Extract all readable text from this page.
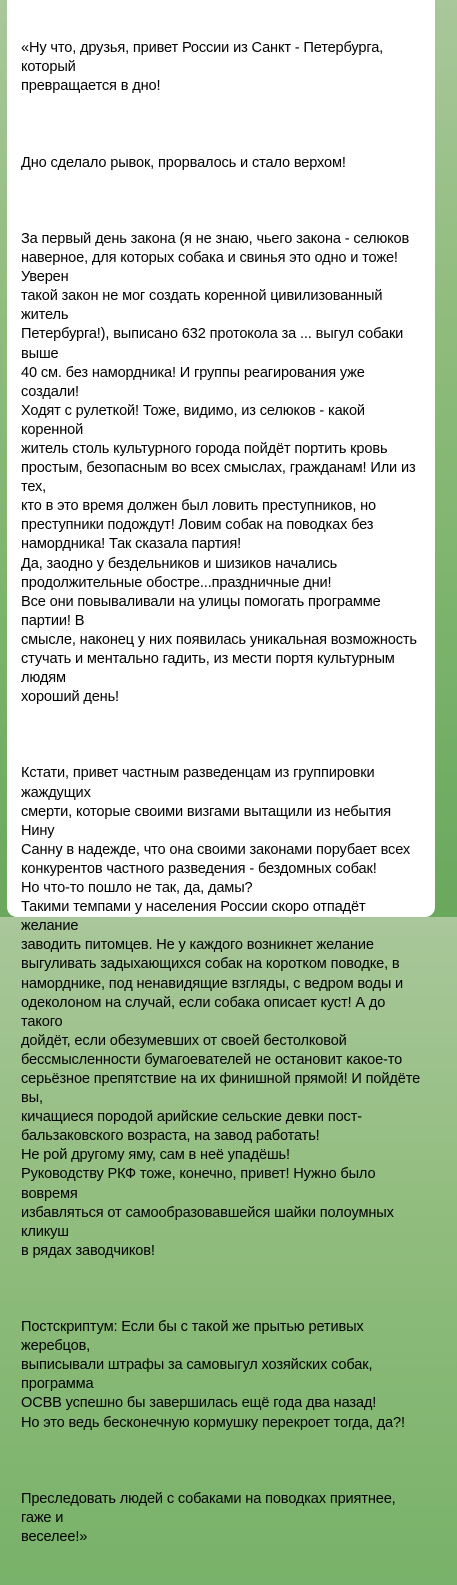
«Ну что, друзья, привет России из Санкт - Петербурга, который
превращается в дно!

Дно сделало рывок, прорвалось и стало верхом!

За первый день закона (я не знаю, чьего закона - селюков
наверное, для которых собака и свинья это одно и тоже! Уверен
такой закон не мог создать коренной цивилизованный житель
Петербурга!), выписано 632 протокола за ... выгул собаки выше
40 см. без намордника! И группы реагирования уже создали!
Ходят с рулеткой! Тоже, видимо, из селюков - какой коренной
житель столь культурного города пойдёт портить кровь
простым, безопасным во всех смыслах, гражданам! Или из тех,
кто в это время должен был ловить преступников, но
преступники подождут! Ловим собак на поводках без
намордника! Так сказала партия!
Да, заодно у бездельников и шизиков начались
продолжительные обостре...праздничные дни!
Все они повывaливали на улицы помогать программе партии! В
смысле, наконец у них появилась уникальная возможность
стучать и ментально гадить, из мести портя культурным людям
хороший день!

Кстати, привет частным разведенцам из группировки жаждущих
смерти, которые своими визгами вытащили из небытия Нину
Санну в надежде, что она своими законами порубает всех
конкурентов частного разведения - бездомных собак!
Но что-то пошло не так, да, дамы?
Такими темпами у населения России скоро отпадёт желание
заводить питомцев. Не у каждого возникнет желание
выгуливать задыхающихся собак на коротком поводке, в
наморднике, под ненавидящие взгляды, с ведром воды и
одеколоном на случай, если собака описает куст! А до такого
дойдёт, если обезумевших от своей бестолковой
бессмысленности бумагоевателей не остановит какое-то
серьёзное препятствие на их финишной прямой! И пойдёте вы,
кичащиеся породой арийские сельские девки пост-
бальзаковского возраста, на завод работать!
Не рой другому яму, сам в неё упадёшь!
Руководству РКФ тоже, конечно, привет! Нужно было вовремя
избавляться от самообразовавшейся шайки полоумных кликуш
в рядах заводчиков!

Постскриптум: Если бы с такой же прытью ретивых жеребцов,
выписывали штрафы за самовыгул хозяйских собак, программа
ОСВВ успешно бы завершилась ещё года два назад!
Но это ведь бесконечную кормушку перекроет тогда, да?!

Преследовать людей с собаками на поводках приятнее, гаже и
веселее!»
